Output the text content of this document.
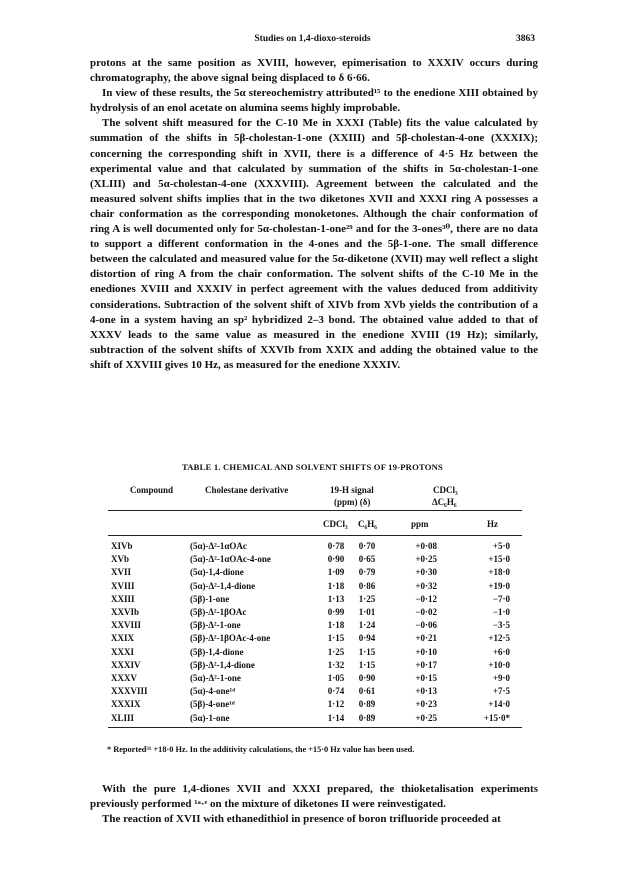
Studies on 1,4-dioxo-steroids	3863

protons at the same position as XVIII, however, epimerisation to XXXIV occurs during chromatography, the above signal being displaced to δ 6·66.

In view of these results, the 5α stereochemistry attributed¹⁵ to the enedione XIII obtained by hydrolysis of an enol acetate on alumina seems highly improbable.

The solvent shift measured for the C-10 Me in XXXI (Table) fits the value calculated by summation of the shifts in 5β-cholestan-1-one (XXIII) and 5β-cholestan-4-one (XXXIX); concerning the corresponding shift in XVII, there is a difference of 4·5 Hz between the experimental value and that calculated by summation of the shifts in 5α-cholestan-1-one (XLIII) and 5α-cholestan-4-one (XXXVIII). Agreement between the calculated and the measured solvent shifts implies that in the two diketones XVII and XXXI ring A possesses a chair conformation as the corresponding monoketones. Although the chair conformation of ring A is well documented only for 5α-cholestan-1-one²⁹ and for the 3-ones³⁰, there are no data to support a different conformation in the 4-ones and the 5β-1-one. The small difference between the calculated and measured value for the 5α-diketone (XVII) may well reflect a slight distortion of ring A from the chair conformation. The solvent shifts of the C-10 Me in the enediones XVIII and XXXIV in perfect agreement with the values deduced from additivity considerations. Subtraction of the solvent shift of XIVb from XVb yields the contribution of a 4-one in a system having an sp² hybridized 2–3 bond. The obtained value added to that of XXXV leads to the same value as measured in the enedione XVIII (19 Hz); similarly, subtraction of the solvent shifts of XXVIb from XXIX and adding the obtained value to the shift of XXVIII gives 10 Hz, as measured for the enedione XXXIV.

TABLE 1. CHEMICAL AND SOLVENT SHIFTS OF 19-PROTONS
Compound	Cholestane derivative	19-H signal
(ppm) (δ)
CDCl₃
ΔC₆H₆
CDCl₃ C₆H₆	ppm	Hz
XIVb	(5α)-Δ²-1αOAc	0·78	0·70	+0·08	+5·0
XVb	(5α)-Δ²-1αOAc-4-one	0·90	0·65	+0·25	+15·0
XVII	(5α)-1,4-dione	1·09	0·79	+0·30	+18·0
XVIII	(5α)-Δ²-1,4-dione	1·18	0·86	+0·32	+19·0
XXIII	(5β)-1-one	1·13	1·25	−0·12	−7·0
XXVIb	(5β)-Δ²-1βOAc	0·99	1·01	−0·02	−1·0
XXVIII	(5β)-Δ²-1-one	1·18	1·24	−0·06	−3·5
XXIX	(5β)-Δ²-1βOAc-4-one	1·15	0·94	+0·21	+12·5
XXXI	(5β)-1,4-dione	1·25	1·15	+0·10	+6·0
XXXIV	(5β)-Δ²-1,4-dione	1·32	1·15	+0·17	+10·0
XXXV	(5α)-Δ²-1-one	1·05	0·90	+0·15	+9·0
XXXVIII	(5α)-4-one¹ᵈ	0·74	0·61	+0·13	+7·5
XXXIX	(5β)-4-one¹ᵈ	1·12	0·89	+0·23	+14·0
XLIII	(5α)-1-one	1·14	0·89	+0·25	+15·0*
* Reported³¹ +18·0 Hz. In the additivity calculations, the +15·0 Hz value has been used.

With the pure 1,4-diones XVII and XXXI prepared, the thioketalisation experiments previously performed ¹ᵃ·ᵉ on the mixture of diketones II were reinvestigated.

The reaction of XVII with ethanedithiol in presence of boron trifluoride proceeded at
